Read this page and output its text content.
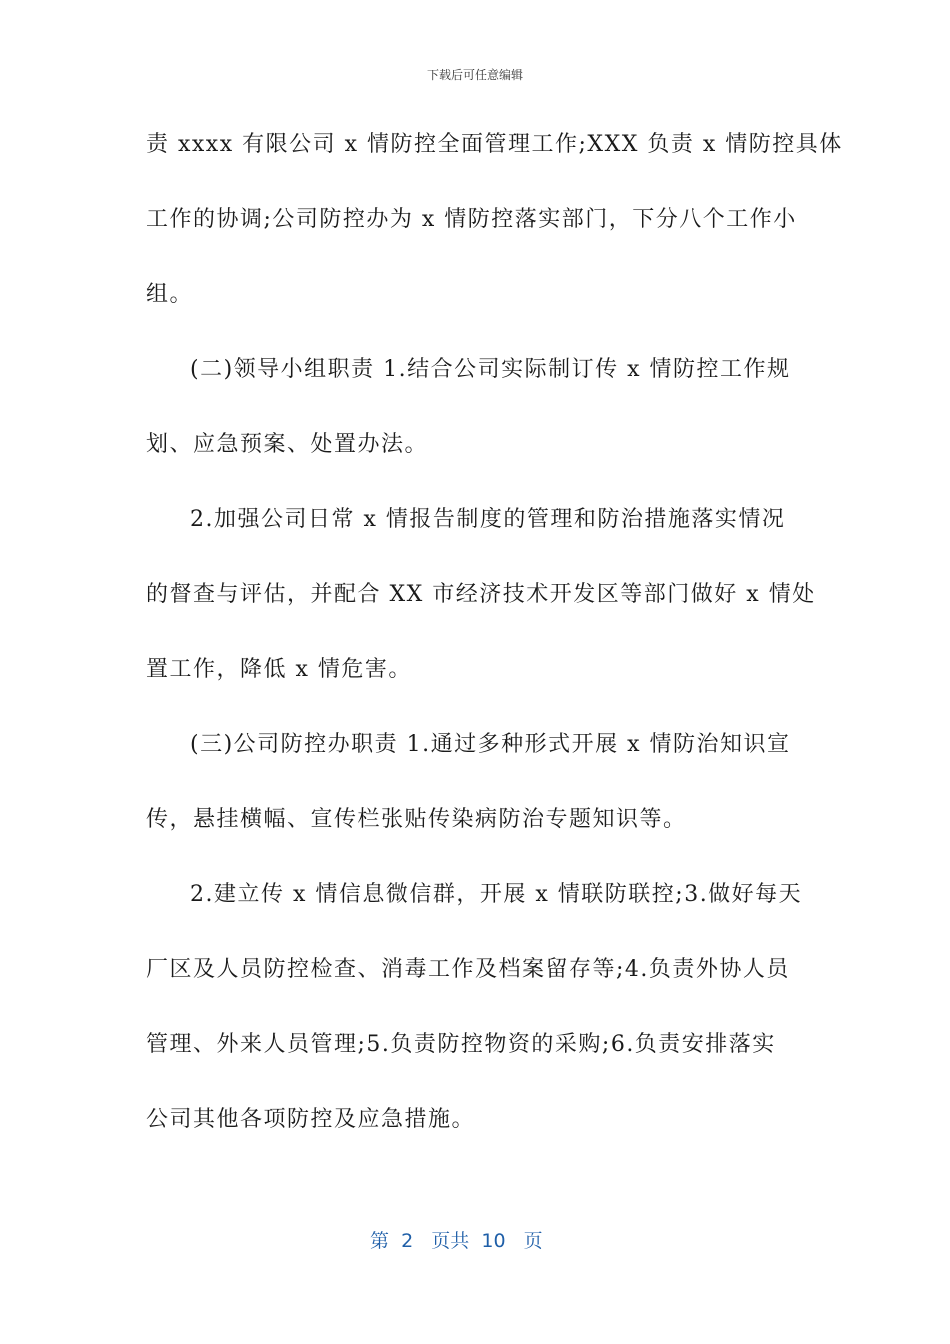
下载后可任意编辑
责 xxxx 有限公司 x 情防控全面管理工作;XXX 负责 x 情防控具体
工作的协调;公司防控办为 x 情防控落实部门，下分八个工作小
组。
(二)领导小组职责 1.结合公司实际制订传 x 情防控工作规
划、应急预案、处置办法。
2.加强公司日常 x 情报告制度的管理和防治措施落实情况
的督查与评估，并配合 XX 市经济技术开发区等部门做好 x 情处
置工作，降低 x 情危害。
(三)公司防控办职责 1.通过多种形式开展 x 情防治知识宣
传，悬挂横幅、宣传栏张贴传染病防治专题知识等。
2.建立传 x 情信息微信群，开展 x 情联防联控;3.做好每天
厂区及人员防控检查、消毒工作及档案留存等;4.负责外协人员
管理、外来人员管理;5.负责防控物资的采购;6.负责安排落实
公司其他各项防控及应急措施。
第  2   页共  10   页
